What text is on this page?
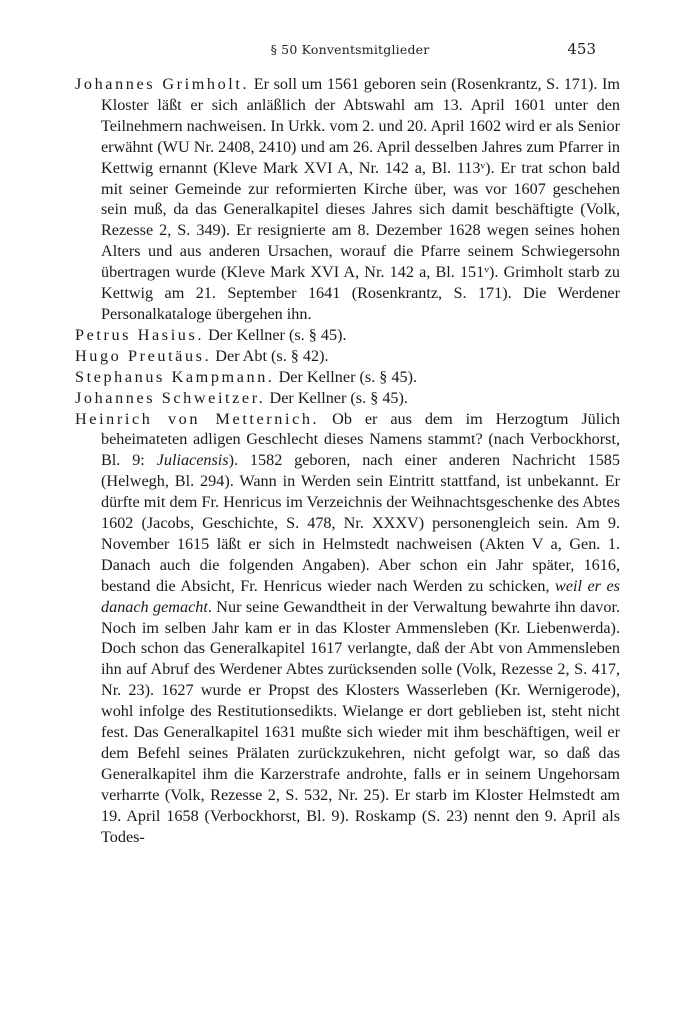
§ 50 Konventsmitglieder	453

Johannes Grimholt. Er soll um 1561 geboren sein (Rosenkrantz, S. 171). Im Kloster läßt er sich anläßlich der Abtswahl am 13. April 1601 unter den Teilnehmern nachweisen. In Urkk. vom 2. und 20. April 1602 wird er als Senior erwähnt (WU Nr. 2408, 2410) und am 26. April desselben Jahres zum Pfarrer in Kettwig ernannt (Kleve Mark XVI A, Nr. 142 a, Bl. 113ᵛ). Er trat schon bald mit seiner Gemeinde zur reformierten Kirche über, was vor 1607 geschehen sein muß, da das Generalkapitel dieses Jahres sich damit beschäftigte (Volk, Rezesse 2, S. 349). Er resignierte am 8. Dezember 1628 wegen seines hohen Alters und aus anderen Ursachen, worauf die Pfarre seinem Schwiegersohn übertragen wurde (Kleve Mark XVI A, Nr. 142 a, Bl. 151ᵛ). Grimholt starb zu Kettwig am 21. September 1641 (Rosenkrantz, S. 171). Die Werdener Personalkataloge übergehen ihn.

Petrus Hasius. Der Kellner (s. § 45).

Hugo Preutäus. Der Abt (s. § 42).

Stephanus Kampmann. Der Kellner (s. § 45).

Johannes Schweitzer. Der Kellner (s. § 45).

Heinrich von Metternich. Ob er aus dem im Herzogtum Jülich beheimateten adligen Geschlecht dieses Namens stammt? (nach Verbockhorst, Bl. 9: Juliacensis). 1582 geboren, nach einer anderen Nachricht 1585 (Helwegh, Bl. 294). Wann in Werden sein Eintritt stattfand, ist unbekannt. Er dürfte mit dem Fr. Henricus im Verzeichnis der Weihnachtsgeschenke des Abtes 1602 (Jacobs, Geschichte, S. 478, Nr. XXXV) personengleich sein. Am 9. November 1615 läßt er sich in Helmstedt nachweisen (Akten V a, Gen. 1. Danach auch die folgenden Angaben). Aber schon ein Jahr später, 1616, bestand die Absicht, Fr. Henricus wieder nach Werden zu schicken, weil er es danach gemacht. Nur seine Gewandtheit in der Verwaltung bewahrte ihn davor. Noch im selben Jahr kam er in das Kloster Ammensleben (Kr. Liebenwerda). Doch schon das Generalkapitel 1617 verlangte, daß der Abt von Ammensleben ihn auf Abruf des Werdener Abtes zurücksenden solle (Volk, Rezesse 2, S. 417, Nr. 23). 1627 wurde er Propst des Klosters Wasserleben (Kr. Wernigerode), wohl infolge des Restitutionsedikts. Wielange er dort geblieben ist, steht nicht fest. Das Generalkapitel 1631 mußte sich wieder mit ihm beschäftigen, weil er dem Befehl seines Prälaten zurückzukehren, nicht gefolgt war, so daß das Generalkapitel ihm die Karzerstrafe androhte, falls er in seinem Ungehorsam verharrte (Volk, Rezesse 2, S. 532, Nr. 25). Er starb im Kloster Helmstedt am 19. April 1658 (Verbockhorst, Bl. 9). Roskamp (S. 23) nennt den 9. April als Todes-
